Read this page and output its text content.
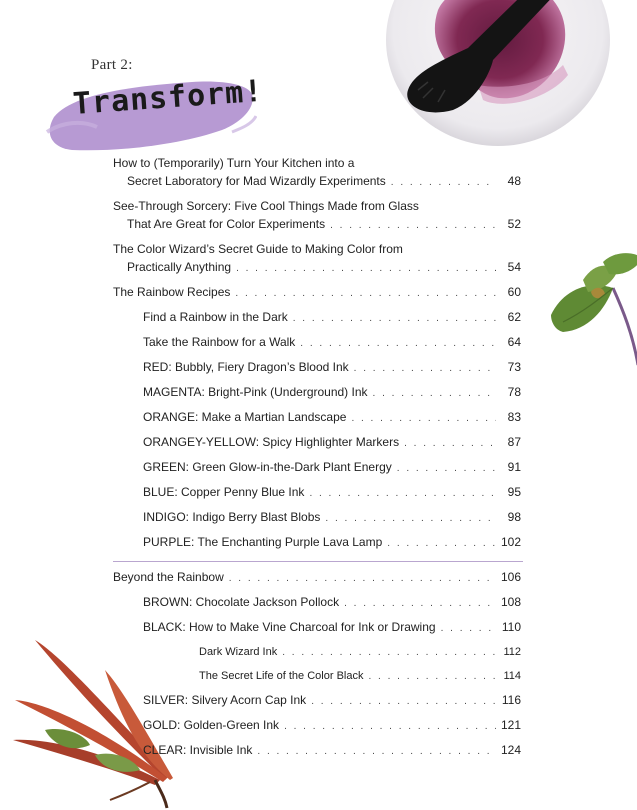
Part 2:
Transform!
How to (Temporarily) Turn Your Kitchen into a
Secret Laboratory for Mad Wizardly Experiments . . .	48
See-Through Sorcery: Five Cool Things Made from Glass
That Are Great for Color Experiments . . .	52
The Color Wizard’s Secret Guide to Making Color from
Practically Anything . . .	54
The Rainbow Recipes . . .	60
Find a Rainbow in the Dark . . .	62
Take the Rainbow for a Walk . . .	64
RED: Bubbly, Fiery Dragon’s Blood Ink . . .	73
MAGENTA: Bright-Pink (Underground) Ink . . .	78
ORANGE: Make a Martian Landscape . . .	83
ORANGEY-YELLOW: Spicy Highlighter Markers . . .	87
GREEN: Green Glow-in-the-Dark Plant Energy . . .	91
BLUE: Copper Penny Blue Ink . . .	95
INDIGO: Indigo Berry Blast Blobs . . .	98
PURPLE: The Enchanting Purple Lava Lamp . . .	102
Beyond the Rainbow . . .	106
BROWN: Chocolate Jackson Pollock . . .	108
BLACK: How to Make Vine Charcoal for Ink or Drawing . . .	110
Dark Wizard Ink . . .	112
The Secret Life of the Color Black . . .	114
SILVER: Silvery Acorn Cap Ink . . .	116
GOLD: Golden-Green Ink . . .	121
CLEAR: Invisible Ink . . .	124
